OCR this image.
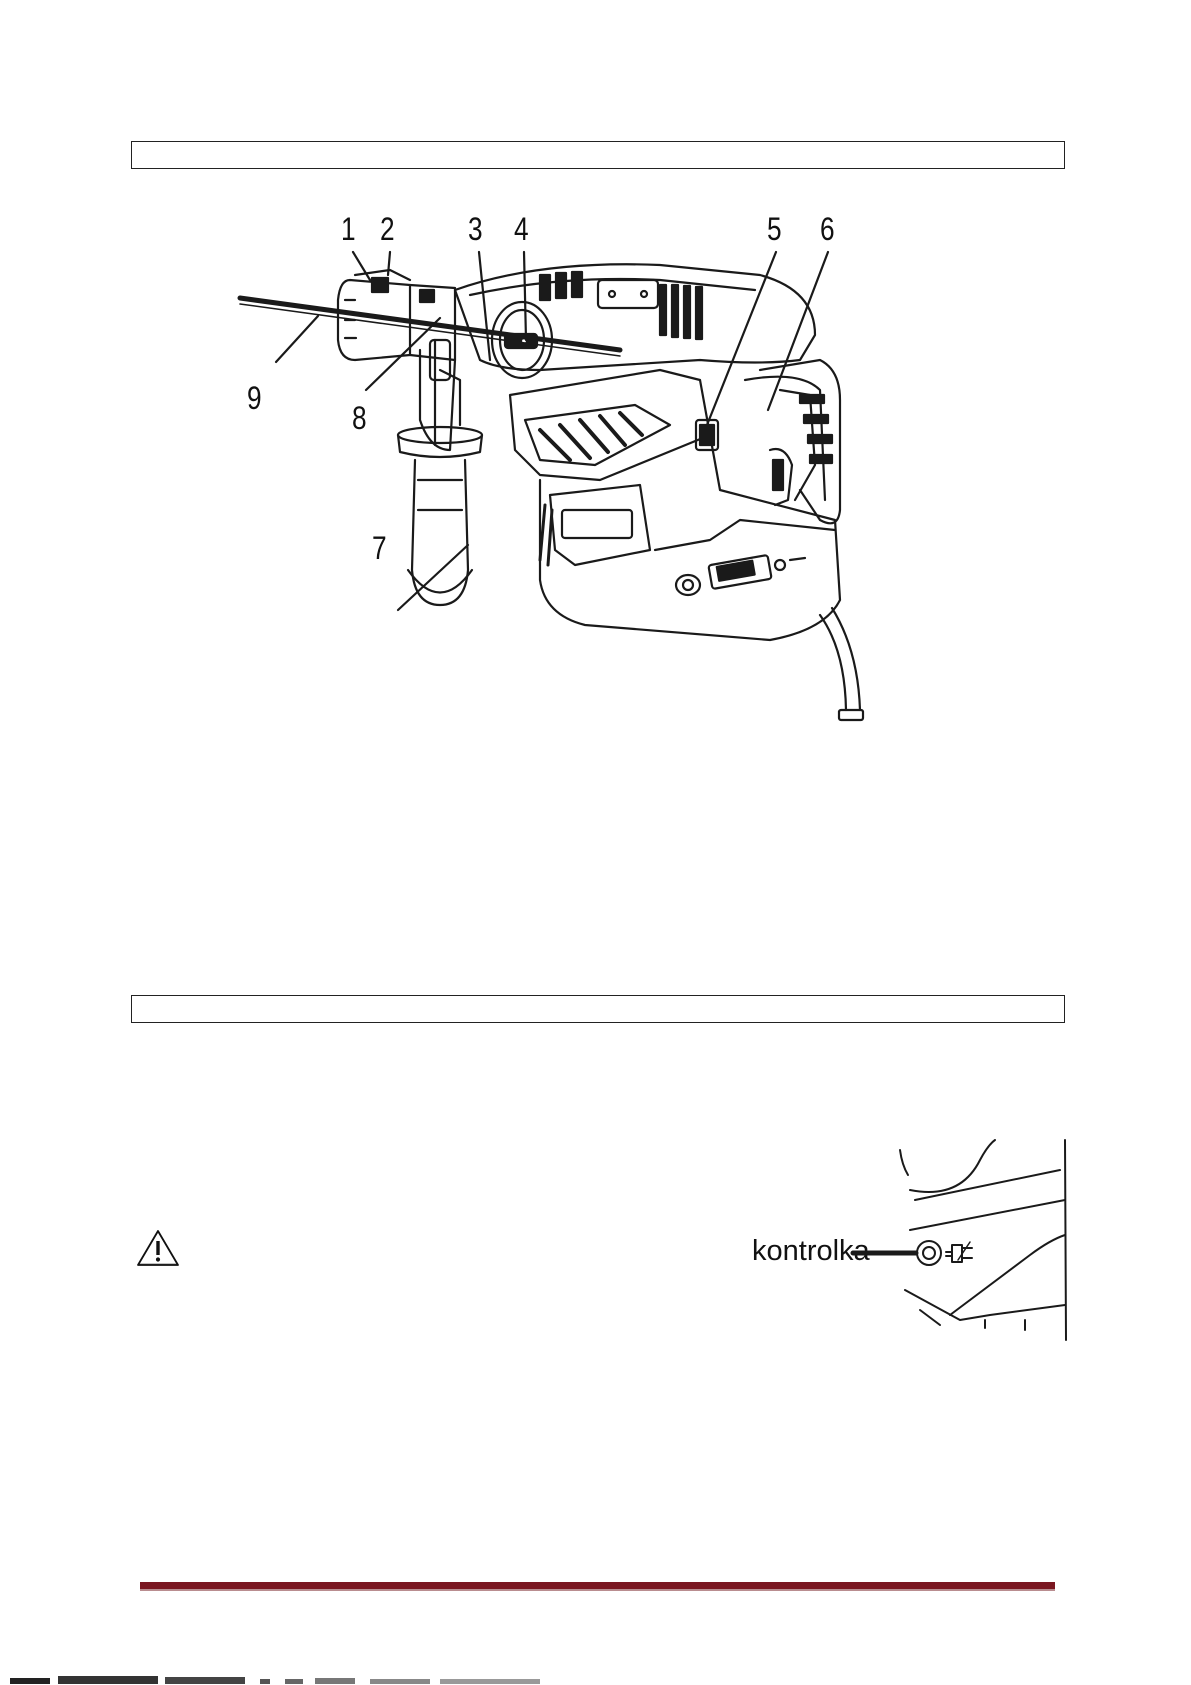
1 2 3 4	5 6
7
8
9
kontrolka
